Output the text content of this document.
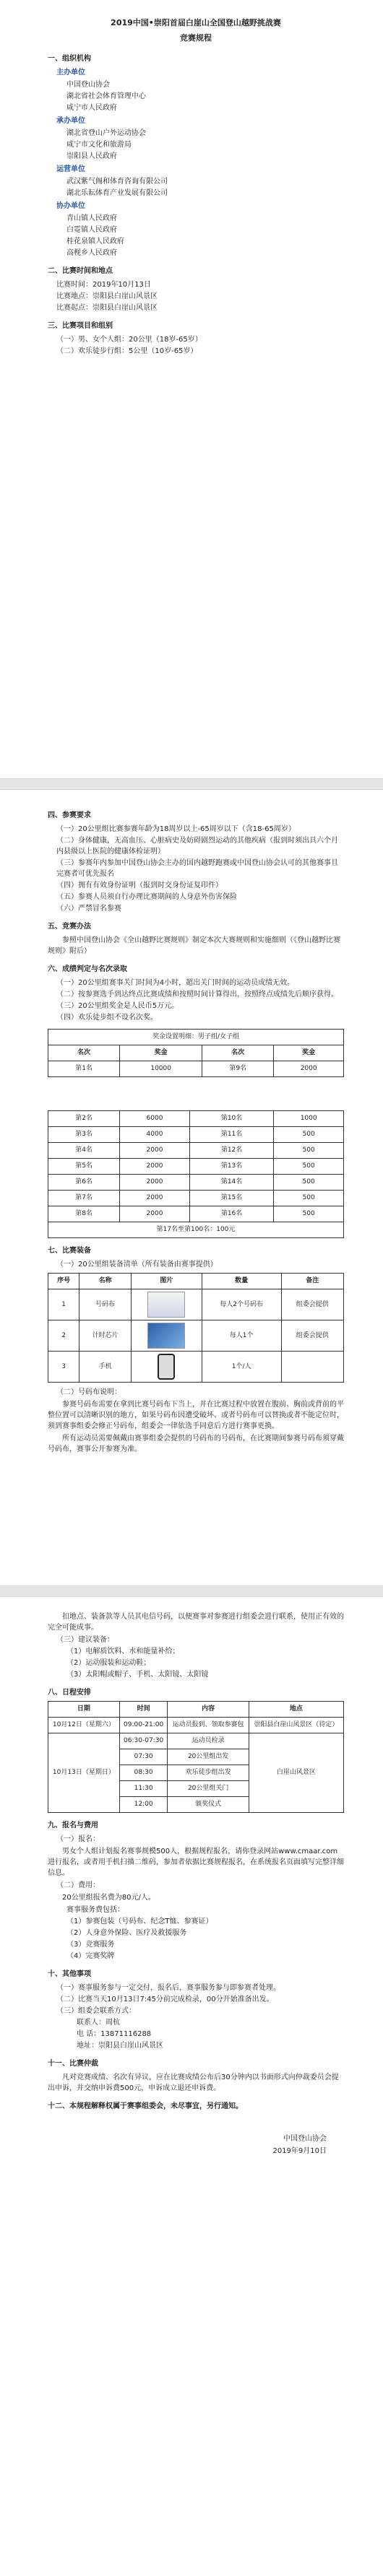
2019中国•崇阳首届白崖山全国登山越野挑战赛
竞赛规程
一、组织机构
主办单位
中国登山协会
湖北省社会体育管理中心
咸宁市人民政府
承办单位
湖北省登山户外运动协会
咸宁市文化和旅游局
崇阳县人民政府
运营单位
武汉紫气阁和体育咨询有限公司
湖北乐耘体育产业发展有限公司
协办单位
青山镇人民政府
白霓镇人民政府
桂花泉镇人民政府
高枧乡人民政府
二、比赛时间和地点
比赛时间：2019年10月13日
比赛地点：崇阳县白崖山风景区
比赛起点：崇阳县白崖山风景区
三、比赛项目和组别
（一）男、女个人组：20公里（18岁-65岁）
（二）欢乐徒步行组：5公里（10岁-65岁）
四、参赛要求
（一）20公里组比赛参赛年龄为18周岁以上-65周岁以下（含18-65周岁）
（二）身体健康，无高血压、心脏病史及妨碍剧烈运动的其他疾病（报到时须出具六个月内县级以上医院的健康体检证明）
（三）参赛年内参加中国登山协会主办的国内越野跑赛或中国登山协会认可的其他赛事且完赛者可优先报名
（四）拥有有效身份证明（报到时交身份证复印件）
（五）参赛人员须自行办理比赛期间的人身意外伤害保险
（六）严禁冒名参赛
五、竞赛办法
参照中国登山协会《全山越野比赛规则》制定本次大赛规则和实施细则（《登山越野比赛规则》附后）
六、成绩判定与名次录取
（一）20公里组赛事关门时间为4小时，超出关门时间的运动员成绩无效。
（二）按参赛选手到达终点比赛成绩和按照时间计算得出，按照终点成绩先后顺序获得。
（三）20公里组奖金是人民币5万元。
（四）欢乐徒步组不设名次奖。
奖金设置明细：男子组/女子组			
名次	奖金	名次	奖金
第1名	10000	第9名	2000
第2名	6000	第10名	1000
第3名	4000	第11名	500
第4名	2000	第12名	500
第5名	2000	第13名	500
第6名	2000	第14名	500
第7名	2000	第15名	500
第8名	2000	第16名	500
第17名至第100名：100元			
七、比赛装备
（一）20公里组装备清单（所有装备由赛事提供）
序号	名称	图片	数量	备注
1	号码布		每人2个号码布	组委会提供
2	计时芯片		每人1个	组委会提供
3	手机		1个/人	
（二）号码布说明：
参赛号码布需要在拿到比赛号码布下当上，并在比赛过程中放置在腹前、胸前或背前的平整位置可以清晰识别的地方，如果号码布因遭受破坏、或者号码布可以替换或者不能定位时，须到赛事组委会修正号码布，组委会一律依选手同意后方进行赛事更换。
所有运动员需要佩戴由赛事组委会提供的号码布的号码布，在比赛期间参赛号码布须穿戴号码布，赛事公开参赛为准。
扣地点、装备款等人员其电信号码，以便赛事对参赛进行组委会进行联系，使用正有效的完全可能成事。
（三）建议装备：
（1）电解质饮料、水和能量补给；
（2）运动服装和运动鞋；
（3）太阳帽或帽子、手机、太阳镜、太阳镜
八、日程安排
日期	时间	内容	地点
10月12日（星期六）	09:00-21:00	运动员报到、领取参赛包	崇阳县白崖山风景区（待定）
10月13日（星期日）	06:30-07:30	运动员检录	白崖山风景区
	07:30	20公里组出发	
	08:30	欢乐徒步组出发	
	11:30	20公里组关门	
	12:00	颁奖仪式	
九、报名与费用
（一）报名：
男女个人组计划报名赛事规模500人，根据规程报名，请你登录网站www.cmaar.com进行报名，或者用手机扫描二维码，参加者依据比赛规程报名，在系统报名页面填写完整详细信息。
（二）费用：
20公里组报名费为80元/人。
赛事服务费包括：
（1）参赛包装（号码布、纪念T恤、参赛证）
（2）人身意外保险、医疗及救援服务
（3）竞赛服务
（4）完赛奖牌
十、其他事项
（一）赛事服务参与一定交付，报名后，赛事服务参与即参赛者处理。
（二）比赛当天10月13日7:45分前完成检录，00分开始准备出发。
（三）组委会联系方式：
联系人：周杭
电 话：13871116288
地址：崇阳县白崖山风景区
十一、比赛仲裁
凡对竞赛成绩、名次有异议，应在比赛成绩公布后30分钟内以书面形式向仲裁委员会提出申诉，并交纳申诉费500元，申诉成立退还申诉费。
十二、本规程解释权属于赛事组委会，未尽事宜，另行通知。
中国登山协会
2019年9月10日
